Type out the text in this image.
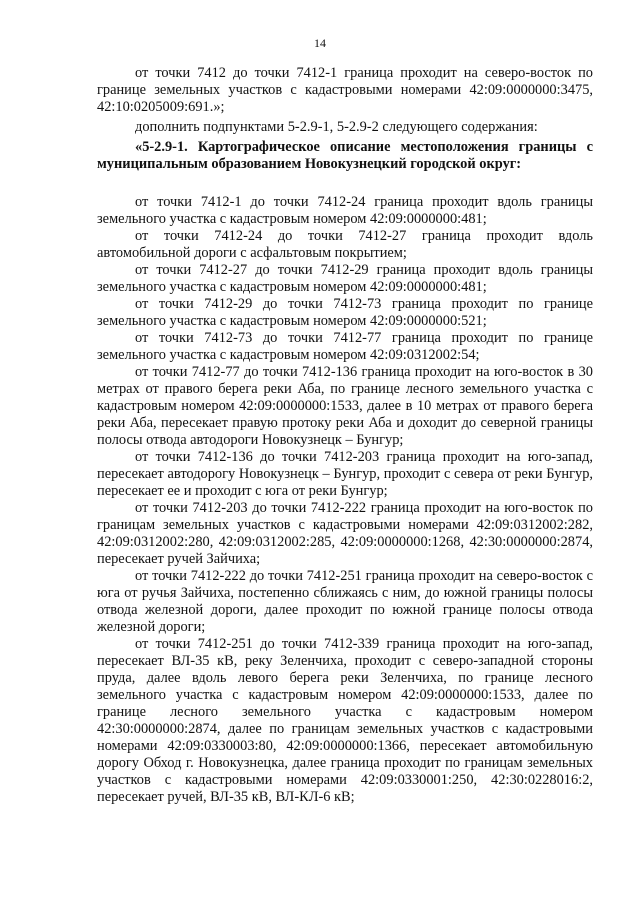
14

от точки 7412 до точки 7412-1 граница проходит на северо-восток по границе земельных участков с кадастровыми номерами 42:09:0000000:3475, 42:10:0205009:691.»;

дополнить подпунктами 5-2.9-1, 5-2.9-2 следующего содержания:

«5-2.9-1. Картографическое описание местоположения границы с муниципальным образованием Новокузнецкий городской округ:

от точки 7412-1 до точки 7412-24 граница проходит вдоль границы земельного участка с кадастровым номером 42:09:0000000:481;

от точки 7412-24 до точки 7412-27 граница проходит вдоль автомобильной дороги с асфальтовым покрытием;

от точки 7412-27 до точки 7412-29 граница проходит вдоль границы земельного участка с кадастровым номером 42:09:0000000:481;

от точки 7412-29 до точки 7412-73 граница проходит по границе земельного участка с кадастровым номером 42:09:0000000:521;

от точки 7412-73 до точки 7412-77 граница проходит по границе земельного участка с кадастровым номером 42:09:0312002:54;

от точки 7412-77 до точки 7412-136 граница проходит на юго-восток в 30 метрах от правого берега реки Аба, по границе лесного земельного участка с кадастровым номером 42:09:0000000:1533, далее в 10 метрах от правого берега реки Аба, пересекает правую протоку реки Аба и доходит до северной границы полосы отвода автодороги Новокузнецк – Бунгур;

от точки 7412-136 до точки 7412-203 граница проходит на юго-запад, пересекает автодорогу Новокузнецк – Бунгур, проходит с севера от реки Бунгур, пересекает ее и проходит с юга от реки Бунгур;

от точки 7412-203 до точки 7412-222 граница проходит на юго-восток по границам земельных участков с кадастровыми номерами 42:09:0312002:282, 42:09:0312002:280, 42:09:0312002:285, 42:09:0000000:1268, 42:30:0000000:2874, пересекает ручей Зайчиха;

от точки 7412-222 до точки 7412-251 граница проходит на северо-восток с юга от ручья Зайчиха, постепенно сближаясь с ним, до южной границы полосы отвода железной дороги, далее проходит по южной границе полосы отвода железной дороги;

от точки 7412-251 до точки 7412-339 граница проходит на юго-запад, пересекает ВЛ-35 кВ, реку Зеленчиха, проходит с северо-западной стороны пруда, далее вдоль левого берега реки Зеленчиха, по границе лесного земельного участка с кадастровым номером 42:09:0000000:1533, далее по границе лесного земельного участка с кадастровым номером 42:30:0000000:2874, далее по границам земельных участков с кадастровыми номерами 42:09:0330003:80, 42:09:0000000:1366, пересекает автомобильную дорогу Обход г. Новокузнецка, далее граница проходит по границам земельных участков с кадастровыми номерами 42:09:0330001:250, 42:30:0228016:2, пересекает ручей, ВЛ-35 кВ, ВЛ-КЛ-6 кВ;
